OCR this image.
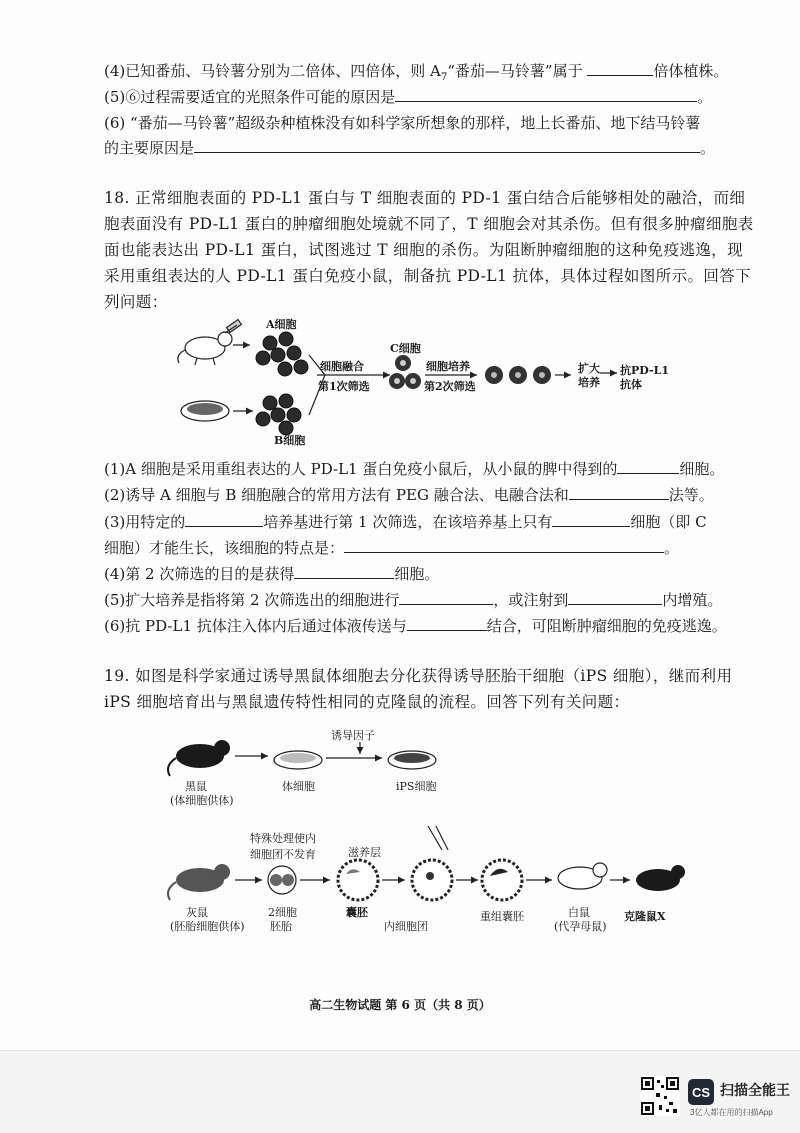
(4)已知番茄、马铃薯分别为二倍体、四倍体，则 $A_7“$番茄—马铃薯”属于	倍体植株。
(5)⑥过程需要适宜的光照条件可能的原因是	。
(6) “番茄—马铃薯”超级杂种植株没有如科学家所想象的那样，地上长番茄、地下结马铃薯
的主要原因是	。
18. 正常细胞表面的 PD-L1 蛋白与 T 细胞表面的 PD-1 蛋白结合后能够相处的融洽，而细
胞表面没有 PD-L1 蛋白的肿瘤细胞处境就不同了，T 细胞会对其杀伤。但有很多肿瘤细胞表
面也能表达出 PD-L1 蛋白，试图逃过 T 细胞的杀伤。为阻断肿瘤细胞的这种免疫逃逸，现
采用重组表达的人 PD-L1 蛋白免疫小鼠，制备抗 PD-L1 抗体，具体过程如图所示。回答下
列问题：
A细胞
B细胞
C细胞
细胞融合
第1次筛选
细胞培养
第2次筛选
扩大
培养
抗PD-L1
抗体
(1)A 细胞是采用重组表达的人 PD-L1 蛋白免疫小鼠后，从小鼠的脾中得到的	细胞。
(2)诱导 A 细胞与 B 细胞融合的常用方法有 PEG 融合法、电融合法和	法等。
(3)用特定的	培养基进行第 1 次筛选，在该培养基上只有	细胞（即 C
细胞）才能生长，该细胞的特点是：	。
(4)第 2 次筛选的目的是获得	细胞。
(5)扩大培养是指将第 2 次筛选出的细胞进行	，或注射到	内增殖。
(6)抗 PD-L1 抗体注入体内后通过体液传送与	结合，可阻断肿瘤细胞的免疫逃逸。
19. 如图是科学家通过诱导黑鼠体细胞去分化获得诱导胚胎干细胞（iPS 细胞），继而利用
iPS 细胞培育出与黑鼠遗传特性相同的克隆鼠的流程。回答下列有关问题：
黑鼠
(体细胞供体)
体细胞
诱导因子
iPS细胞
特殊处理使内
细胞团不发育	滋养层
灰鼠
(胚胎细胞供体)
2细胞
胚胎
囊胚
内细胞团
重组囊胚	白鼠
(代孕母鼠)
克隆鼠X
高二生物试题 第 6 页（共 8 页）
CS 扫描全能王
3亿人都在用的扫描App
